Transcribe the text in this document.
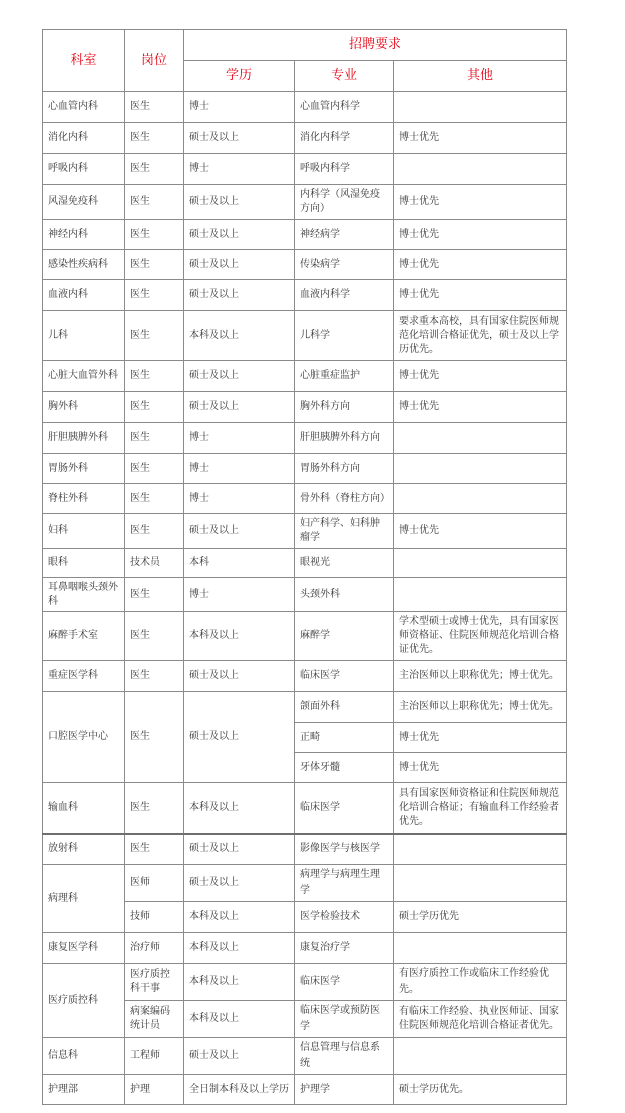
科室	岗位	招聘要求		
		学历	专业	其他
心血管内科	医生	博士	心血管内科学	
消化内科	医生	硕士及以上	消化内科学	博士优先
呼吸内科	医生	博士	呼吸内科学	
风湿免疫科	医生	硕士及以上	内科学（风湿免疫方向）	博士优先
神经内科	医生	硕士及以上	神经病学	博士优先
感染性疾病科	医生	硕士及以上	传染病学	博士优先
血液内科	医生	硕士及以上	血液内科学	博士优先
儿科	医生	本科及以上	儿科学	要求重本高校，具有国家住院医师规范化培训合格证优先，硕士及以上学历优先。
心脏大血管外科	医生	硕士及以上	心脏重症监护	博士优先
胸外科	医生	硕士及以上	胸外科方向	博士优先
肝胆胰脾外科	医生	博士	肝胆胰脾外科方向	
胃肠外科	医生	博士	胃肠外科方向	
脊柱外科	医生	博士	骨外科（脊柱方向）	
妇科	医生	硕士及以上	妇产科学、妇科肿瘤学	博士优先
眼科	技术员	本科	眼视光	
耳鼻咽喉头颈外科	医生	博士	头颈外科	
麻醉手术室	医生	本科及以上	麻醉学	学术型硕士或博士优先，具有国家医师资格证、住院医师规范化培训合格证优先。
重症医学科	医生	硕士及以上	临床医学	主治医师以上职称优先；博士优先。
口腔医学中心	医生	硕士及以上	颌面外科	主治医师以上职称优先；博士优先。
			正畸	博士优先
			牙体牙髓	博士优先
输血科	医生	本科及以上	临床医学	具有国家医师资格证和住院医师规范化培训合格证；有输血科工作经验者优先。
放射科	医生	硕士及以上	影像医学与核医学	
病理科	医师	硕士及以上	病理学与病理生理学	
	技师	本科及以上	医学检验技术	硕士学历优先
康复医学科	治疗师	本科及以上	康复治疗学	
医疗质控科	医疗质控科干事	本科及以上	临床医学	有医疗质控工作或临床工作经验优先。
	病案编码统计员	本科及以上	临床医学或预防医学	有临床工作经验、执业医师证、国家住院医师规范化培训合格证者优先。
信息科	工程师	硕士及以上	信息管理与信息系统	
护理部	护理	全日制本科及以上学历	护理学	硕士学历优先。
